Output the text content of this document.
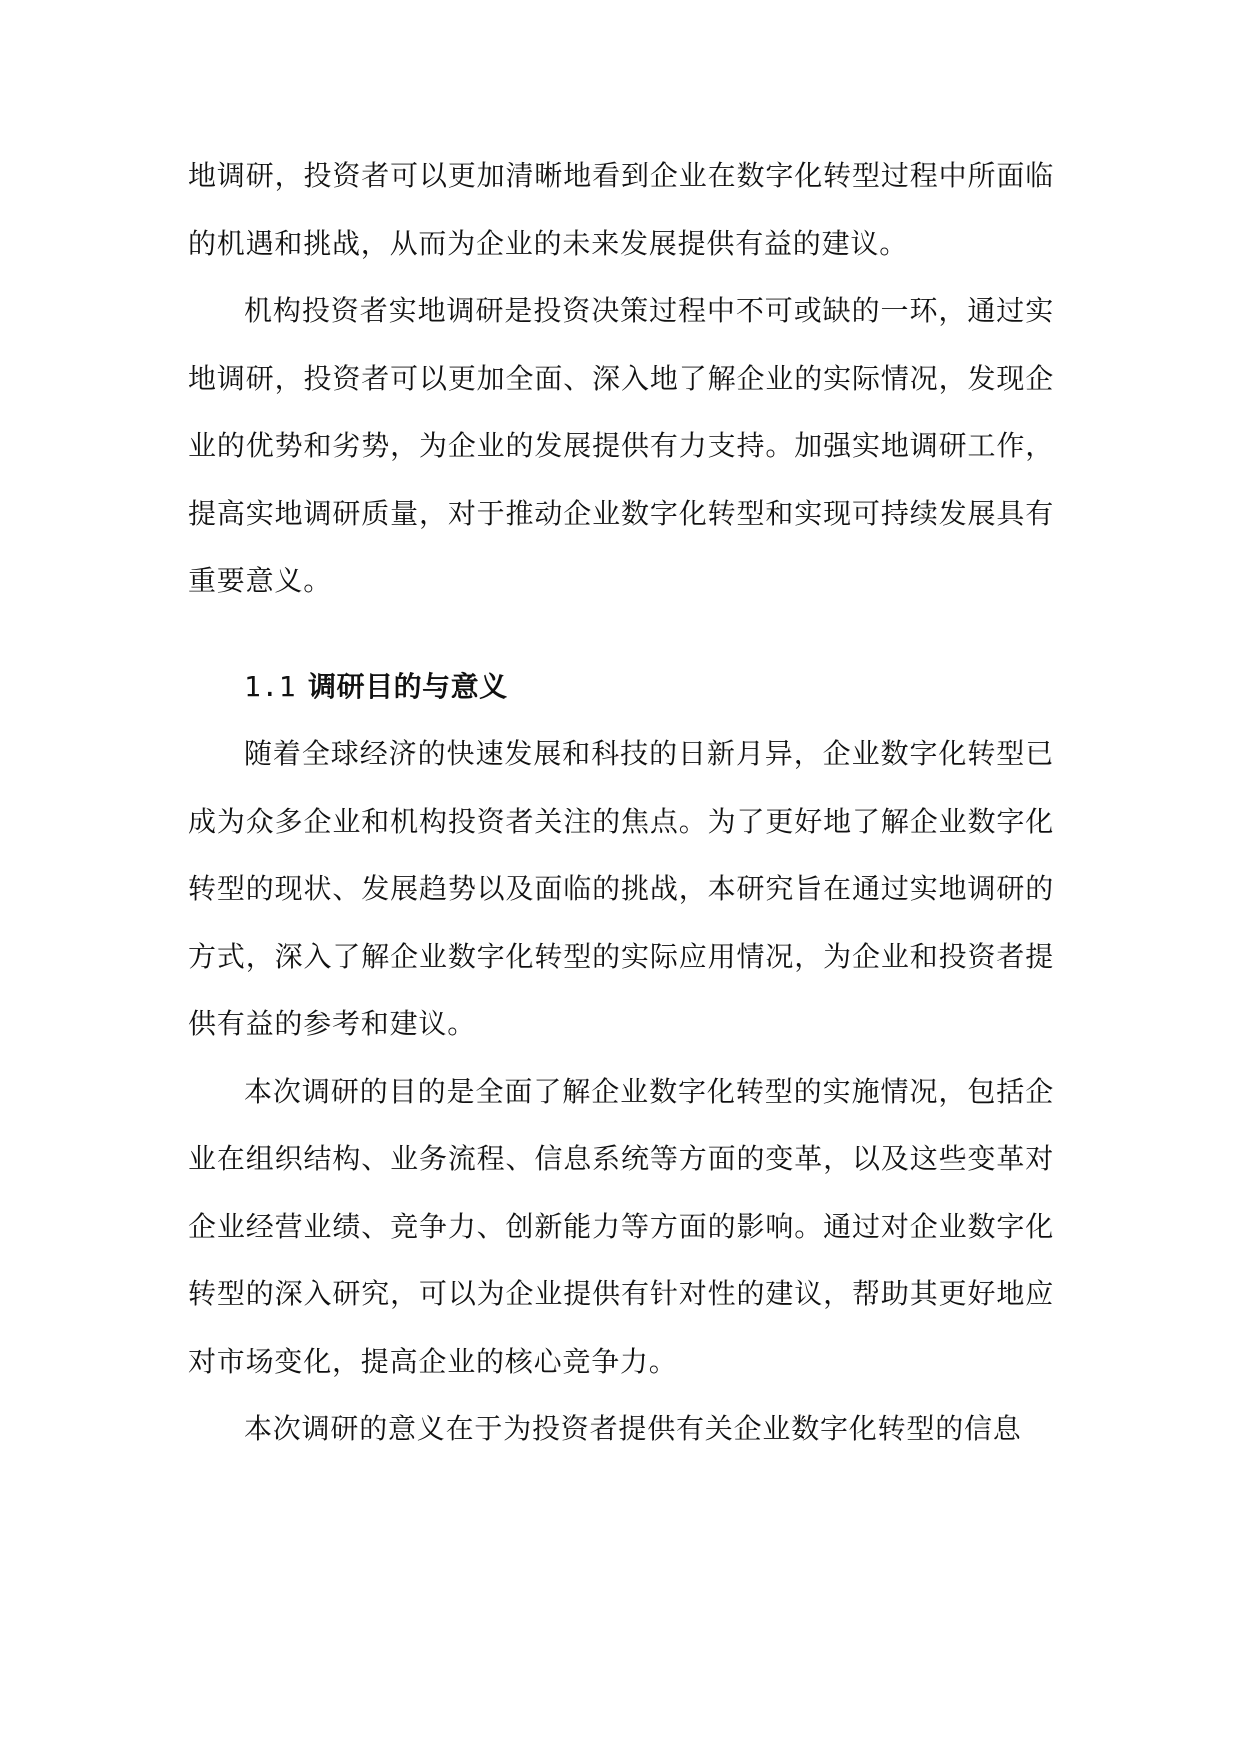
地调研，投资者可以更加清晰地看到企业在数字化转型过程中所面临的机遇和挑战，从而为企业的未来发展提供有益的建议。

机构投资者实地调研是投资决策过程中不可或缺的一环，通过实地调研，投资者可以更加全面、深入地了解企业的实际情况，发现企业的优势和劣势，为企业的发展提供有力支持。加强实地调研工作，提高实地调研质量，对于推动企业数字化转型和实现可持续发展具有重要意义。

1.1 调研目的与意义

随着全球经济的快速发展和科技的日新月异，企业数字化转型已成为众多企业和机构投资者关注的焦点。为了更好地了解企业数字化转型的现状、发展趋势以及面临的挑战，本研究旨在通过实地调研的方式，深入了解企业数字化转型的实际应用情况，为企业和投资者提供有益的参考和建议。

本次调研的目的是全面了解企业数字化转型的实施情况，包括企业在组织结构、业务流程、信息系统等方面的变革，以及这些变革对企业经营业绩、竞争力、创新能力等方面的影响。通过对企业数字化转型的深入研究，可以为企业提供有针对性的建议，帮助其更好地应对市场变化，提高企业的核心竞争力。

本次调研的意义在于为投资者提供有关企业数字化转型的信息
